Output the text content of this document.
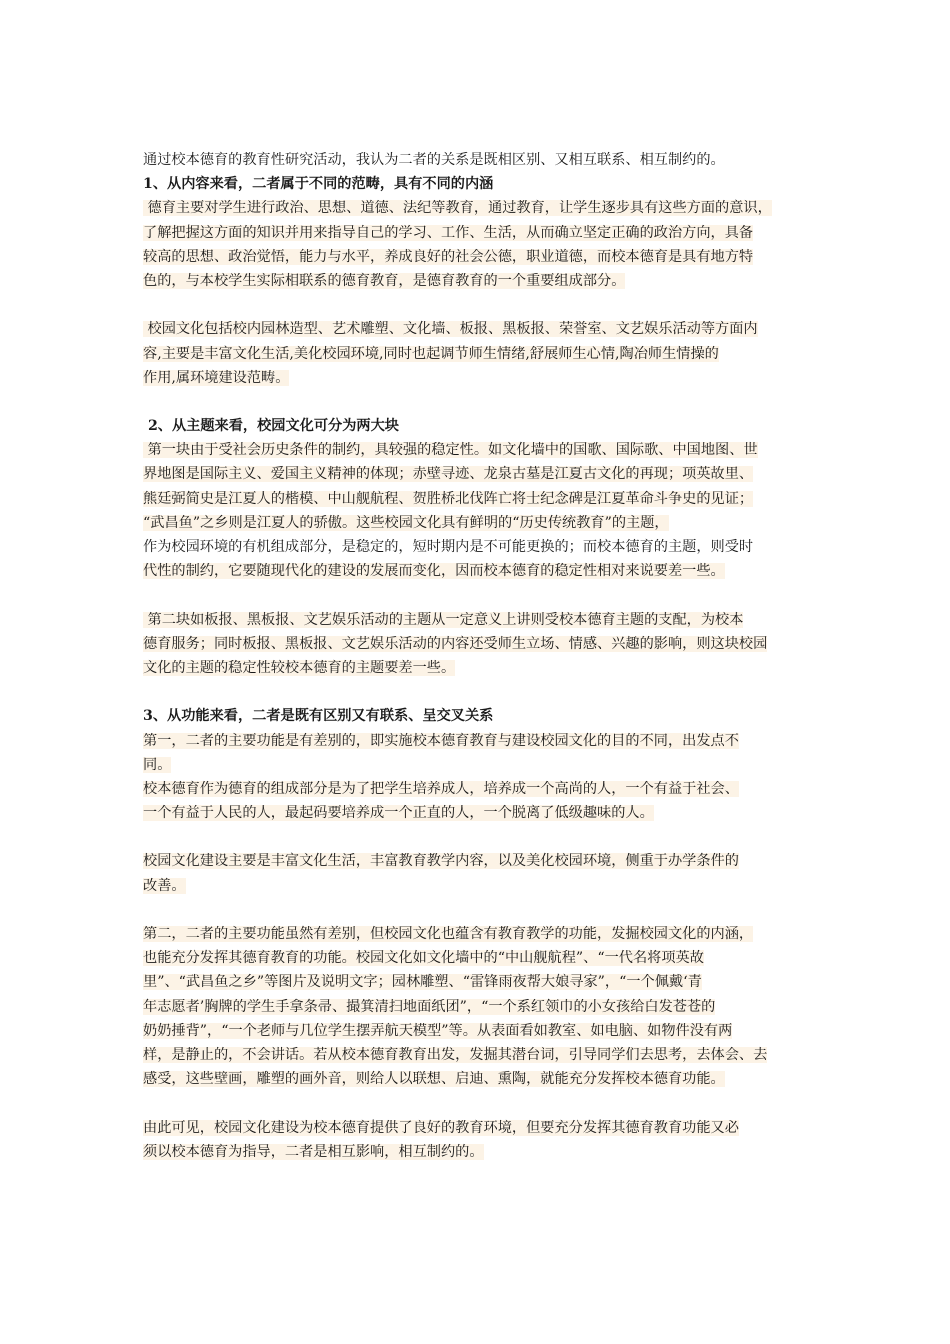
通过校本德育的教育性研究活动，我认为二者的关系是既相区别、又相互联系、相互制约的。
1、从内容来看，二者属于不同的范畴，具有不同的内涵
德育主要对学生进行政治、思想、道德、法纪等教育，通过教育，让学生逐步具有这些方面的意识，
了解把握这方面的知识并用来指导自己的学习、工作、生活，从而确立坚定正确的政治方向，具备
较高的思想、政治觉悟，能力与水平，养成良好的社会公德，职业道德，而校本德育是具有地方特
色的，与本校学生实际相联系的德育教育，是德育教育的一个重要组成部分。
校园文化包括校内园林造型、艺术雕塑、文化墙、板报、黑板报、荣誉室、文艺娱乐活动等方面内
容,主要是丰富文化生活,美化校园环境,同时也起调节师生情绪,舒展师生心情,陶冶师生情操的
作用,属环境建设范畴。
2、从主题来看，校园文化可分为两大块
第一块由于受社会历史条件的制约，具较强的稳定性。如文化墙中的国歌、国际歌、中国地图、世
界地图是国际主义、爱国主义精神的体现；赤壁寻迹、龙泉古墓是江夏古文化的再现；项英故里、
熊廷弼简史是江夏人的楷模、中山舰航程、贺胜桥北伐阵亡将士纪念碑是江夏革命斗争史的见证；
“武昌鱼”之乡则是江夏人的骄傲。这些校园文化具有鲜明的“历史传统教育”的主题，
作为校园环境的有机组成部分，是稳定的，短时期内是不可能更换的；而校本德育的主题，则受时
代性的制约，它要随现代化的建设的发展而变化，因而校本德育的稳定性相对来说要差一些。
第二块如板报、黑板报、文艺娱乐活动的主题从一定意义上讲则受校本德育主题的支配，为校本
德育服务；同时板报、黑板报、文艺娱乐活动的内容还受师生立场、情感、兴趣的影响，则这块校园
文化的主题的稳定性较校本德育的主题要差一些。
3、从功能来看，二者是既有区别又有联系、呈交叉关系
第一，二者的主要功能是有差别的，即实施校本德育教育与建设校园文化的目的不同，出发点不
同。
校本德育作为德育的组成部分是为了把学生培养成人，培养成一个高尚的人，一个有益于社会、
一个有益于人民的人，最起码要培养成一个正直的人，一个脱离了低级趣味的人。
校园文化建设主要是丰富文化生活，丰富教育教学内容，以及美化校园环境，侧重于办学条件的
改善。
第二，二者的主要功能虽然有差别，但校园文化也蕴含有教育教学的功能，发掘校园文化的内涵，
也能充分发挥其德育教育的功能。校园文化如文化墙中的“中山舰航程”、“一代名将项英故
里”、“武昌鱼之乡”等图片及说明文字；园林雕塑、“雷锋雨夜帮大娘寻家”，“一个佩戴‘青
年志愿者’胸牌的学生手拿条帚、撮箕清扫地面纸团”，“一个系红领巾的小女孩给白发苍苍的
奶奶捶背”，“一个老师与几位学生摆弄航天模型”等。从表面看如教室、如电脑、如物件没有两
样，是静止的，不会讲话。若从校本德育教育出发，发掘其潜台词，引导同学们去思考，去体会、去
感受，这些壁画，雕塑的画外音，则给人以联想、启迪、熏陶，就能充分发挥校本德育功能。
由此可见，校园文化建设为校本德育提供了良好的教育环境，但要充分发挥其德育教育功能又必
须以校本德育为指导，二者是相互影响，相互制约的。
